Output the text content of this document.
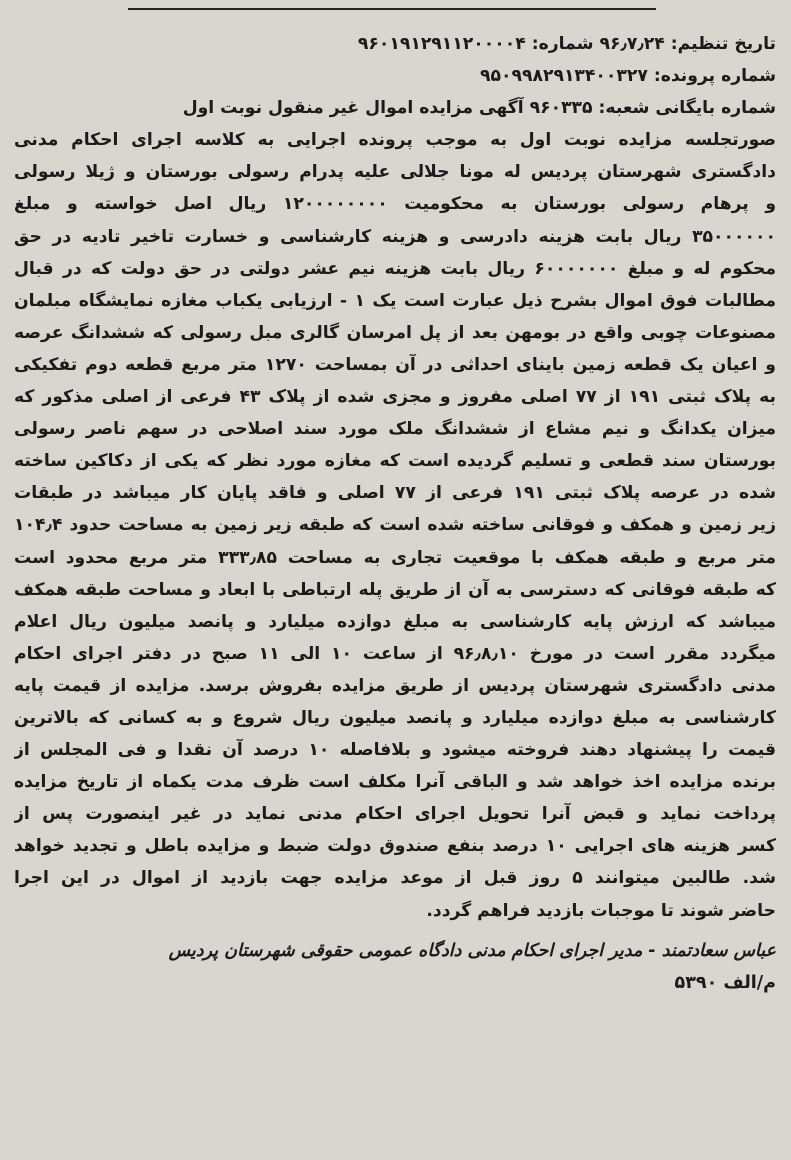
تاریخ تنظیم: ۹۶٫۷٫۲۴ شماره: ۹۶۰۱۹۱۲۹۱۱۲۰۰۰۰۴
شماره پرونده: ۹۵۰۹۹۸۲۹۱۳۴۰۰۳۲۷
شماره بایگانی شعبه: ۹۶۰۳۳۵ آگهی مزایده اموال غیر منقول نوبت اول
صورتجلسه مزایده نوبت اول به موجب پرونده اجرایی به کلاسه اجرای احکام مدنی
دادگستری شهرستان پردیس له مونا جلالی علیه پدرام رسولی بورستان و ژیلا رسولی
و پرهام رسولی بورستان به محکومیت ۱۲۰۰۰۰۰۰۰۰ ریال اصل خواسته و مبلغ
۳۵۰۰۰۰۰۰ ریال بابت هزینه دادرسی و هزینه کارشناسی و خسارت تاخیر تادیه در حق
محکوم له و مبلغ ۶۰۰۰۰۰۰۰ ریال بابت هزینه نیم عشر دولتی در حق دولت که در قبال
مطالبات فوق اموال بشرح ذیل عبارت است یک ۱ - ارزیابی یکباب مغازه نمایشگاه مبلمان
مصنوعات چوبی واقع در بومهن بعد از پل امرسان گالری مبل رسولی که ششدانگ عرصه
و اعیان یک قطعه زمین باینای احداثی در آن بمساحت ۱۲۷۰ متر مربع قطعه دوم تفکیکی
به پلاک ثبتی ۱۹۱ از ۷۷ اصلی مفروز و مجزی شده از پلاک ۴۳ فرعی از اصلی مذکور که
میزان یکدانگ و نیم مشاع از ششدانگ ملک مورد سند اصلاحی در سهم ناصر رسولی
بورستان سند قطعی و تسلیم گردیده است که مغازه مورد نظر که یکی از دکاکین ساخته
شده در عرصه پلاک ثبتی ۱۹۱ فرعی از ۷۷ اصلی و فاقد پایان کار میباشد در طبقات
زیر زمین و همکف و فوقانی ساخته شده است که طبقه زیر زمین به مساحت حدود ۱۰۴٫۴
متر مربع و طبقه همکف با موقعیت تجاری به مساحت ۳۳۳٫۸۵ متر مربع محدود است
که طبقه فوقانی که دسترسی به آن از طریق پله ارتباطی با ابعاد و مساحت طبقه همکف
میباشد که ارزش پایه کارشناسی به مبلغ دوازده میلیارد و پانصد میلیون ریال اعلام
میگردد مقرر است در مورخ ۹۶٫۸٫۱۰ از ساعت ۱۰ الی ۱۱ صبح در دفتر اجرای احکام
مدنی دادگستری شهرستان پردیس از طریق مزایده بفروش برسد. مزایده از قیمت پایه
کارشناسی به مبلغ دوازده میلیارد و پانصد میلیون ریال شروع و به کسانی که بالاترین
قیمت را پیشنهاد دهند فروخته میشود و بلافاصله ۱۰ درصد آن نقدا و فی المجلس از
برنده مزایده اخذ خواهد شد و الباقی آنرا مکلف است ظرف مدت یکماه از تاریخ مزایده
پرداخت نماید و قبض آنرا تحویل اجرای احکام مدنی نماید در غیر اینصورت پس از
کسر هزینه های اجرایی ۱۰ درصد بنفع صندوق دولت ضبط و مزایده باطل و تجدید خواهد
شد. طالبین میتوانند ۵ روز قبل از موعد مزایده جهت بازدید از اموال در این اجرا
حاضر شوند تا موجبات بازدید فراهم گردد.
عباس سعادتمند - مدیر اجرای احکام مدنی دادگاه عمومی حقوقی شهرستان پردیس
م/الف ۵۳۹۰
